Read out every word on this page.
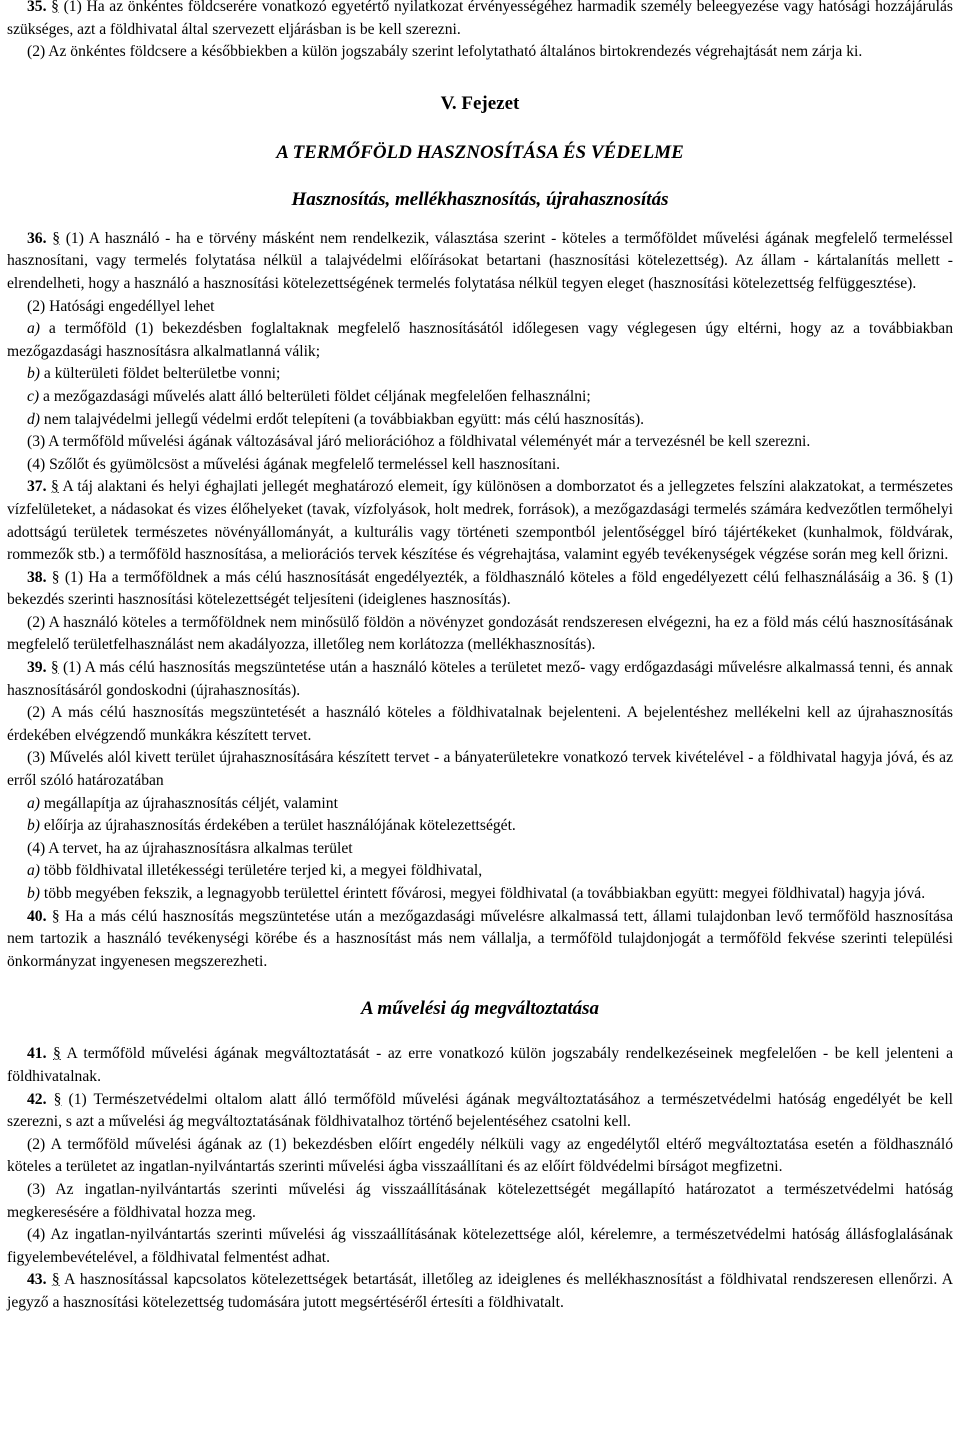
35. § (1) Ha az önkéntes földcserére vonatkozó egyetértő nyilatkozat érvényességéhez harmadik személy beleegyezése vagy hatósági hozzájárulás szükséges, azt a földhivatal által szervezett eljárásban is be kell szerezni.

(2) Az önkéntes földcsere a későbbiekben a külön jogszabály szerint lefolytatható általános birtokrendezés végrehajtását nem zárja ki.

V. Fejezet
A TERMŐFÖLD HASZNOSÍTÁSA ÉS VÉDELME
Hasznosítás, mellékhasznosítás, újrahasznosítás

36. § (1) A használó - ha e törvény másként nem rendelkezik, választása szerint - köteles a termőföldet művelési ágának megfelelő termeléssel hasznosítani, vagy termelés folytatása nélkül a talajvédelmi előírásokat betartani (hasznosítási kötelezettség). Az állam - kártalanítás mellett - elrendelheti, hogy a használó a hasznosítási kötelezettségének termelés folytatása nélkül tegyen eleget (hasznosítási kötelezettség felfüggesztése).

(2) Hatósági engedéllyel lehet

a) a termőföld (1) bekezdésben foglaltaknak megfelelő hasznosításától időlegesen vagy véglegesen úgy eltérni, hogy az a továbbiakban mezőgazdasági hasznosításra alkalmatlanná válik;

b) a külterületi földet belterületbe vonni;

c) a mezőgazdasági művelés alatt álló belterületi földet céljának megfelelően felhasználni;

d) nem talajvédelmi jellegű védelmi erdőt telepíteni (a továbbiakban együtt: más célú hasznosítás).

(3) A termőföld művelési ágának változásával járó meliorációhoz a földhivatal véleményét már a tervezésnél be kell szerezni.

(4) Szőlőt és gyümölcsöst a művelési ágának megfelelő termeléssel kell hasznosítani.

37. § A táj alaktani és helyi éghajlati jellegét meghatározó elemeit, így különösen a domborzatot és a jellegzetes felszíni alakzatokat, a természetes vízfelületeket, a nádasokat és vizes élőhelyeket (tavak, vízfolyások, holt medrek, források), a mezőgazdasági termelés számára kedvezőtlen termőhelyi adottságú területek természetes növényállományát, a kulturális vagy történeti szempontból jelentőséggel bíró tájértékeket (kunhalmok, földvárak, rommezők stb.) a termőföld hasznosítása, a meliorációs tervek készítése és végrehajtása, valamint egyéb tevékenységek végzése során meg kell őrizni.

38. § (1) Ha a termőföldnek a más célú hasznosítását engedélyezték, a földhasználó köteles a föld engedélyezett célú felhasználásáig a 36. § (1) bekezdés szerinti hasznosítási kötelezettségét teljesíteni (ideiglenes hasznosítás).

(2) A használó köteles a termőföldnek nem minősülő földön a növényzet gondozását rendszeresen elvégezni, ha ez a föld más célú hasznosításának megfelelő területfelhasználást nem akadályozza, illetőleg nem korlátozza (mellékhasznosítás).

39. § (1) A más célú hasznosítás megszüntetése után a használó köteles a területet mező- vagy erdőgazdasági művelésre alkalmassá tenni, és annak hasznosításáról gondoskodni (újrahasznosítás).

(2) A más célú hasznosítás megszüntetését a használó köteles a földhivatalnak bejelenteni. A bejelentéshez mellékelni kell az újrahasznosítás érdekében elvégzendő munkákra készített tervet.

(3) Művelés alól kivett terület újrahasznosítására készített tervet - a bányaterületekre vonatkozó tervek kivételével - a földhivatal hagyja jóvá, és az erről szóló határozatában

a) megállapítja az újrahasznosítás céljét, valamint

b) előírja az újrahasznosítás érdekében a terület használójának kötelezettségét.

(4) A tervet, ha az újrahasznosításra alkalmas terület

a) több földhivatal illetékességi területére terjed ki, a megyei földhivatal,

b) több megyében fekszik, a legnagyobb területtel érintett fővárosi, megyei földhivatal (a továbbiakban együtt: megyei földhivatal) hagyja jóvá.

40. § Ha a más célú hasznosítás megszüntetése után a mezőgazdasági művelésre alkalmassá tett, állami tulajdonban levő termőföld hasznosítása nem tartozik a használó tevékenységi körébe és a hasznosítást más nem vállalja, a termőföld tulajdonjogát a termőföld fekvése szerinti települési önkormányzat ingyenesen megszerezheti.

A művelési ág megváltoztatása

41. § A termőföld művelési ágának megváltoztatását - az erre vonatkozó külön jogszabály rendelkezéseinek megfelelően - be kell jelenteni a földhivatalnak.

42. § (1) Természetvédelmi oltalom alatt álló termőföld művelési ágának megváltoztatásához a természetvédelmi hatóság engedélyét be kell szerezni, s azt a művelési ág megváltoztatásának földhivatalhoz történő bejelentéséhez csatolni kell.

(2) A termőföld művelési ágának az (1) bekezdésben előírt engedély nélküli vagy az engedélytől eltérő megváltoztatása esetén a földhasználó köteles a területet az ingatlan-nyilvántartás szerinti művelési ágba visszaállítani és az előírt földvédelmi bírságot megfizetni.

(3) Az ingatlan-nyilvántartás szerinti művelési ág visszaállításának kötelezettségét megállapító határozatot a természetvédelmi hatóság megkeresésére a földhivatal hozza meg.

(4) Az ingatlan-nyilvántartás szerinti művelési ág visszaállításának kötelezettsége alól, kérelemre, a természetvédelmi hatóság állásfoglalásának figyelembevételével, a földhivatal felmentést adhat.

43. § A hasznosítással kapcsolatos kötelezettségek betartását, illetőleg az ideiglenes és mellékhasznosítást a földhivatal rendszeresen ellenőrzi. A jegyző a hasznosítási kötelezettség tudomására jutott megsértéséről értesíti a földhivatalt.
